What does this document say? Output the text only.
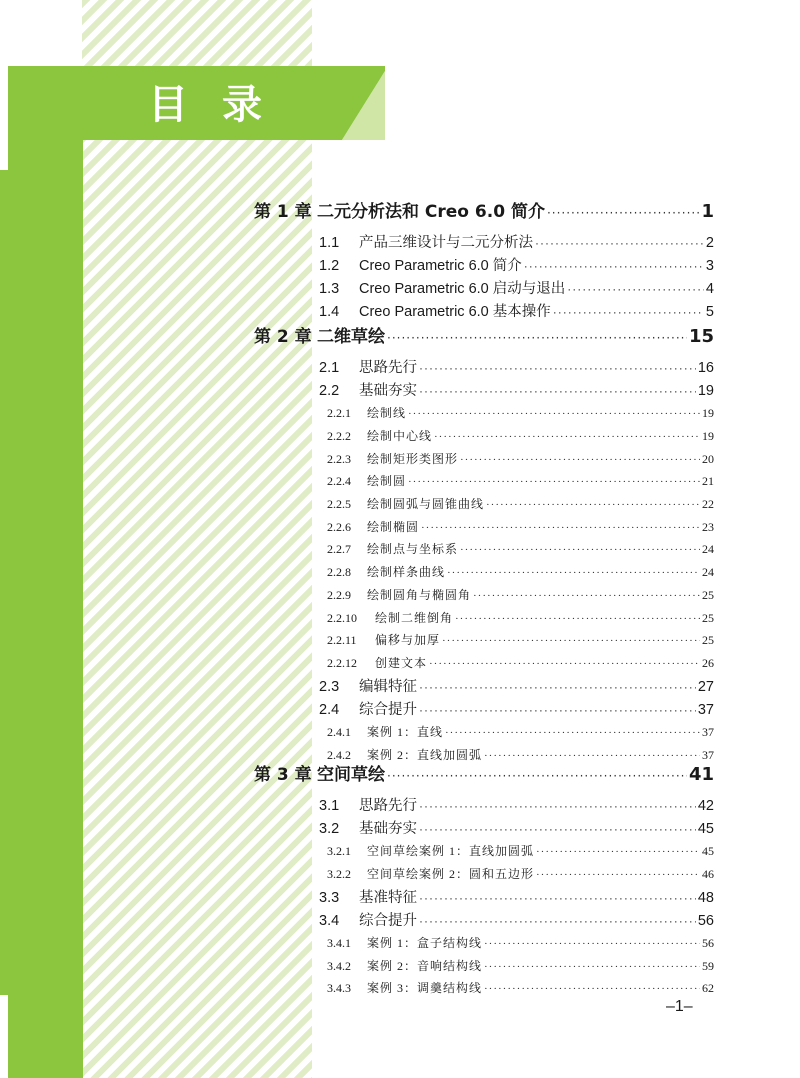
目录
第 1 章 二元分析法和 Creo 6.0 简介 ·····	1
1.1	产品三维设计与二元分析法 ·····	2
1.2	Creo Parametric 6.0 简介 ·····	3
1.3	Creo Parametric 6.0 启动与退出 ·····	4
1.4	Creo Parametric 6.0 基本操作 ·····	5
第 2 章 二维草绘 ·····	15
2.1	思路先行 ·····	16
2.2	基础夯实 ·····	19
2.2.1	绘制线 ·····	19
2.2.2	绘制中心线 ·····	19
2.2.3	绘制矩形类图形 ·····	20
2.2.4	绘制圆 ·····	21
2.2.5	绘制圆弧与圆锥曲线 ·····	22
2.2.6	绘制椭圆 ·····	23
2.2.7	绘制点与坐标系 ·····	24
2.2.8	绘制样条曲线 ·····	24
2.2.9	绘制圆角与椭圆角 ·····	25
2.2.10	绘制二维倒角 ·····	25
2.2.11	偏移与加厚 ·····	25
2.2.12	创建文本 ·····	26
2.3	编辑特征 ·····	27
2.4	综合提升 ·····	37
2.4.1	案例 1：直线 ·····	37
2.4.2	案例 2：直线加圆弧 ·····	37
第 3 章 空间草绘 ·····	41
3.1	思路先行 ·····	42
3.2	基础夯实 ·····	45
3.2.1	空间草绘案例 1：直线加圆弧 ·····	45
3.2.2	空间草绘案例 2：圆和五边形 ·····	46
3.3	基准特征 ·····	48
3.4	综合提升 ·····	56
3.4.1	案例 1：盒子结构线 ·····	56
3.4.2	案例 2：音响结构线 ·····	59
3.4.3	案例 3：调羹结构线 ·····	62
–1–
